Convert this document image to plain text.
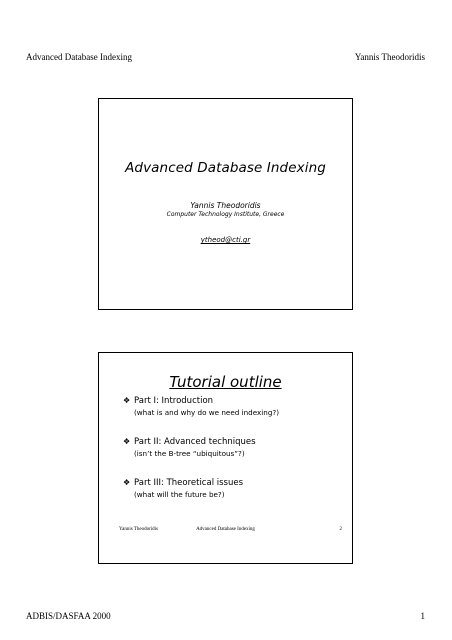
Advanced Database Indexing	Yannis Theodoridis
Advanced Database Indexing
Yannis Theodoridis
Computer Technology Institute, Greece
ytheod@cti.gr
Tutorial outline
❖ Part I: Introduction
(what is and why do we need indexing?)
❖ Part II: Advanced techniques
(isn’t the B-tree “ubiquitous”?)
❖ Part III: Theoretical issues
(what will the future be?)
Yannis Theodoridis	Advanced Database Indexing	2
ADBIS/DASFAA 2000	1
